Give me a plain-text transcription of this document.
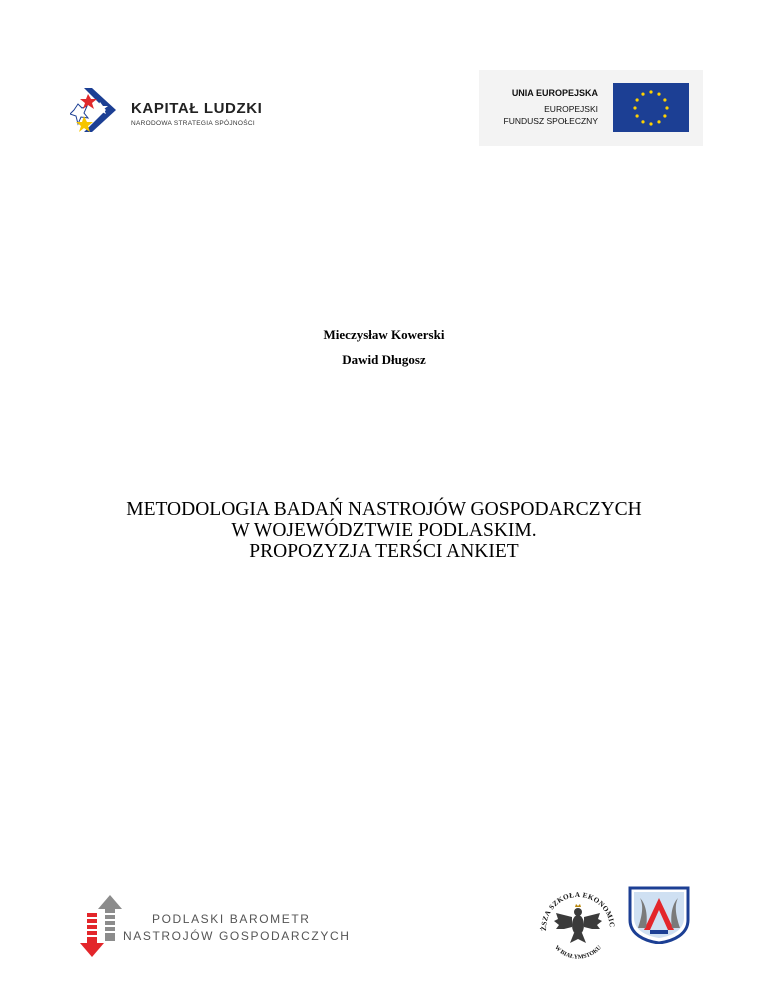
KAPITAŁ LUDZKI
NARODOWA STRATEGIA SPÓJNOŚCI
UNIA EUROPEJSKA
EUROPEJSKI
FUNDUSZ SPOŁECZNY
Mieczysław Kowerski
Dawid Długosz
METODOLOGIA BADAŃ NASTROJÓW GOSPODARCZYCH
W WOJEWÓDZTWIE PODLASKIM.
PROPOZYZJA TERŚCI ANKIET
PODLASKI BAROMETR
NASTROJÓW GOSPODARCZYCH
ŻSZA SZKOŁA EKONOMIC
W BIAŁYMSTOKU
